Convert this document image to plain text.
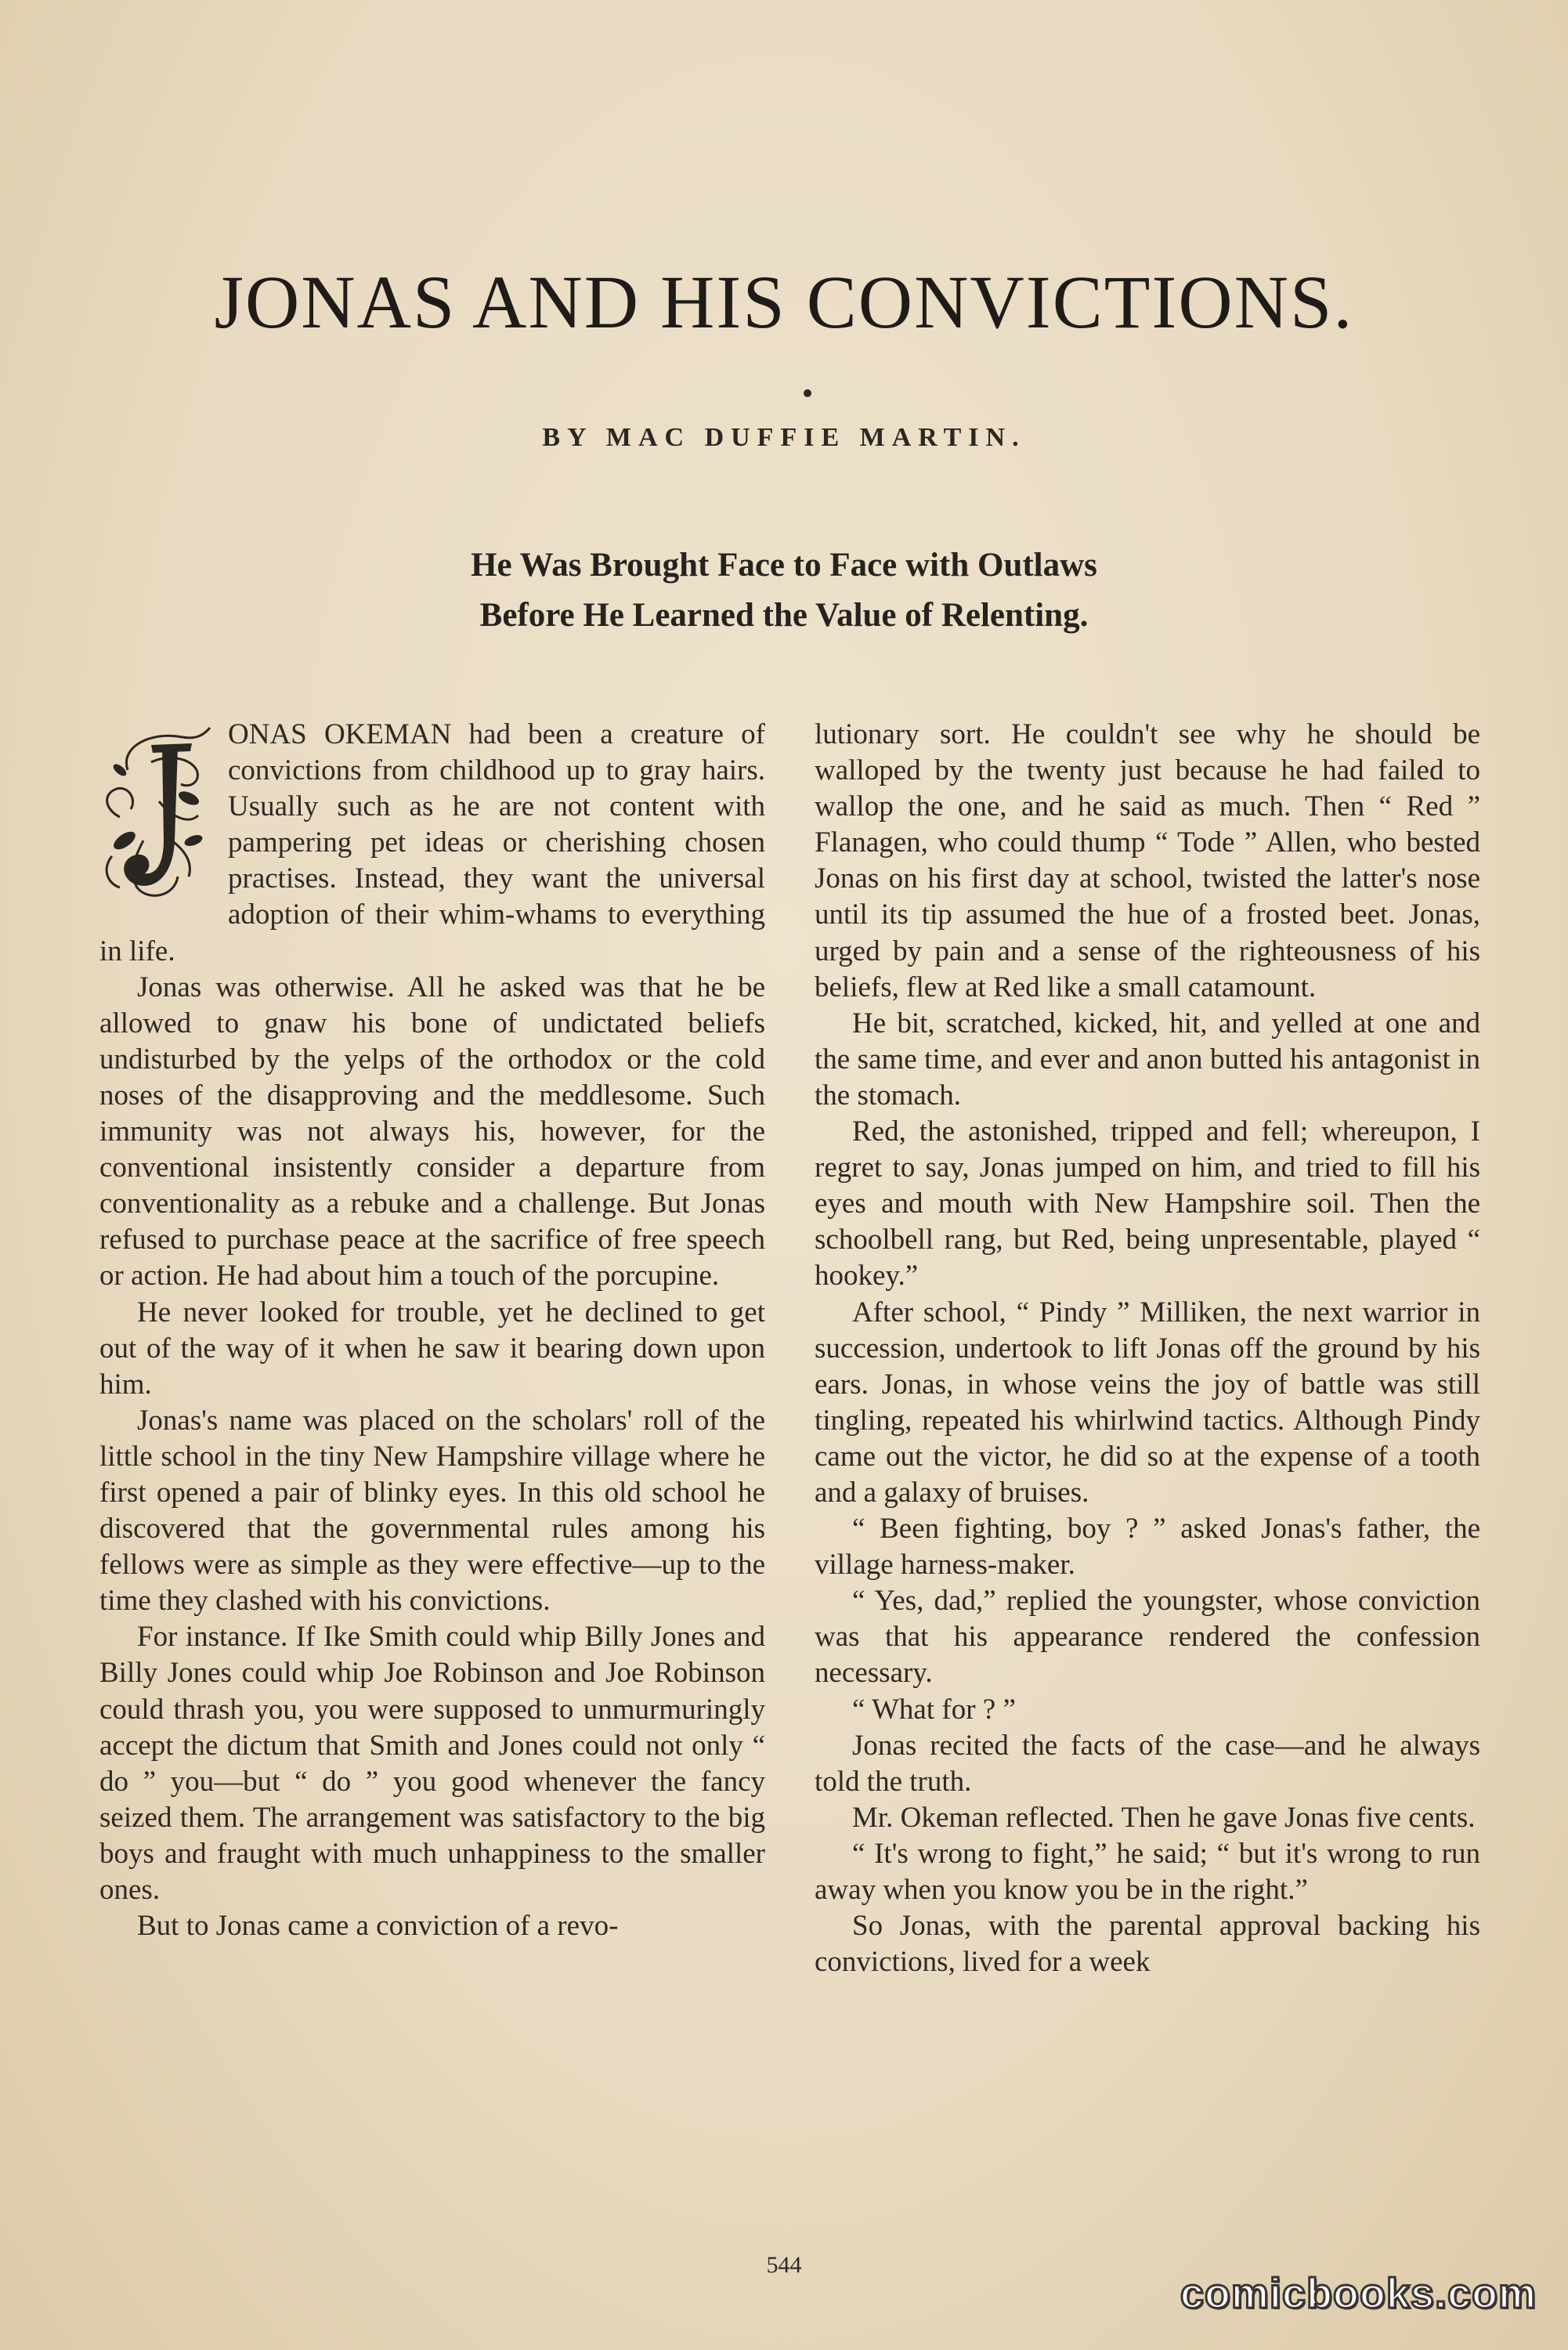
JONAS AND HIS CONVICTIONS.
BY MAC DUFFIE MARTIN.
He Was Brought Face to Face with Outlaws
Before He Learned the Value of Relenting.

ONAS OKEMAN had been a creature of convictions from childhood up to gray hairs. Usually such as he are not content with pampering pet ideas or cherishing chosen practises. Instead, they want the universal adoption of their whim-whams to everything in life.

Jonas was otherwise. All he asked was that he be allowed to gnaw his bone of undictated beliefs undisturbed by the yelps of the orthodox or the cold noses of the disapproving and the meddlesome. Such immunity was not always his, however, for the conventional insistently consider a departure from conventionality as a rebuke and a challenge. But Jonas refused to purchase peace at the sacrifice of free speech or action. He had about him a touch of the porcupine.

He never looked for trouble, yet he declined to get out of the way of it when he saw it bearing down upon him.

Jonas's name was placed on the scholars' roll of the little school in the tiny New Hampshire village where he first opened a pair of blinky eyes. In this old school he discovered that the governmental rules among his fellows were as simple as they were effective—up to the time they clashed with his convictions.

For instance. If Ike Smith could whip Billy Jones and Billy Jones could whip Joe Robinson and Joe Robinson could thrash you, you were supposed to unmurmuringly accept the dictum that Smith and Jones could not only “ do ” you—but “ do ” you good whenever the fancy seized them. The arrangement was satisfactory to the big boys and fraught with much unhappiness to the smaller ones.

But to Jonas came a conviction of a revo-

lutionary sort. He couldn't see why he should be walloped by the twenty just because he had failed to wallop the one, and he said as much. Then “ Red ” Flanagen, who could thump “ Tode ” Allen, who bested Jonas on his first day at school, twisted the latter's nose until its tip assumed the hue of a frosted beet. Jonas, urged by pain and a sense of the righteousness of his beliefs, flew at Red like a small catamount.

He bit, scratched, kicked, hit, and yelled at one and the same time, and ever and anon butted his antagonist in the stomach.

Red, the astonished, tripped and fell; whereupon, I regret to say, Jonas jumped on him, and tried to fill his eyes and mouth with New Hampshire soil. Then the schoolbell rang, but Red, being unpresentable, played “ hookey.”

After school, “ Pindy ” Milliken, the next warrior in succession, undertook to lift Jonas off the ground by his ears. Jonas, in whose veins the joy of battle was still tingling, repeated his whirlwind tactics. Although Pindy came out the victor, he did so at the expense of a tooth and a galaxy of bruises.

“ Been fighting, boy ? ” asked Jonas's father, the village harness-maker.

“ Yes, dad,” replied the youngster, whose conviction was that his appearance rendered the confession necessary.

“ What for ? ”

Jonas recited the facts of the case—and he always told the truth.

Mr. Okeman reflected. Then he gave Jonas five cents.

“ It's wrong to fight,” he said; “ but it's wrong to run away when you know you be in the right.”

So Jonas, with the parental approval backing his convictions, lived for a week

544
comicbooks.com
